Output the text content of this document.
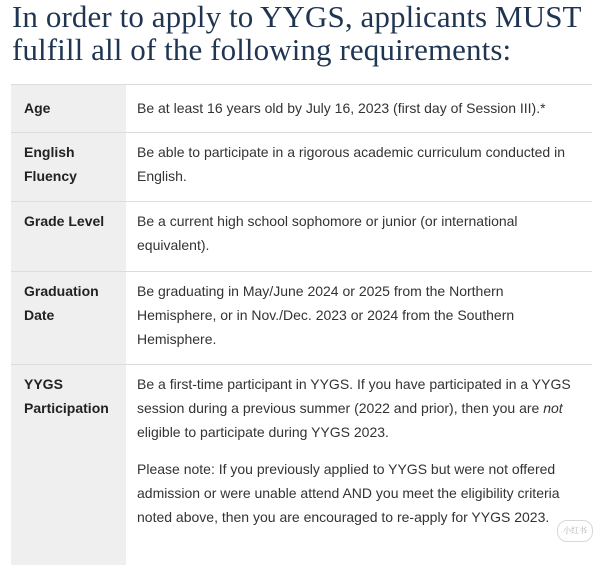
In order to apply to YYGS, applicants MUST
fulfill all of the following requirements:
Age	Be at least 16 years old by July 16, 2023 (first day of Session III).*
English
Fluency
Be able to participate in a rigorous academic curriculum conducted in English.
Grade Level Be a current high school sophomore or junior (or international equivalent).
Graduation
Date
Be graduating in May/June 2024 or 2025 from the Northern Hemisphere, or in Nov./Dec. 2023 or 2024 from the Southern Hemisphere.
YYGS
Participation
Be a first-time participant in YYGS. If you have participated in a YYGS session during a previous summer (2022 and prior), then you are not eligible to participate during YYGS 2023.
Please note: If you previously applied to YYGS but were not offered admission or were unable attend AND you meet the eligibility criteria noted above, then you are encouraged to re-apply for YYGS 2023.
小红书
